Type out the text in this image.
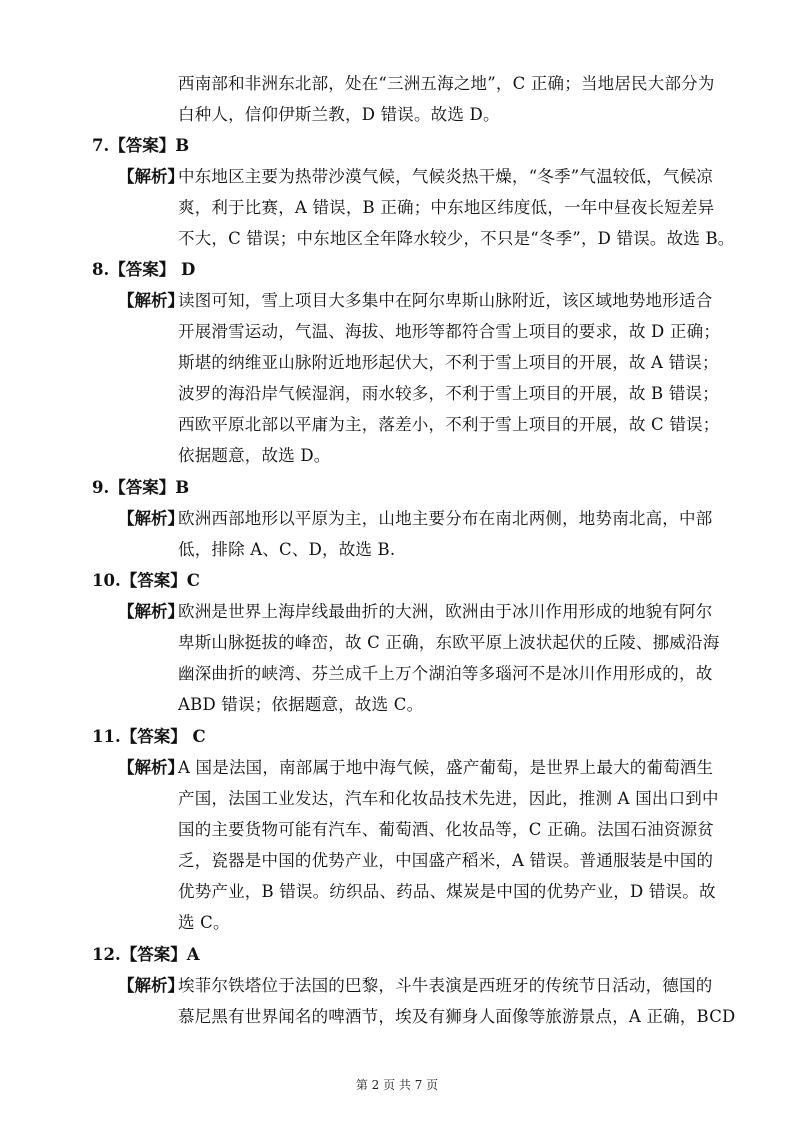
西南部和非洲东北部，处在“三洲五海之地”，C 正确；当地居民大部分为
白种人，信仰伊斯兰教，D 错误。故选 D。
7.【答案】B
【解析】
中东地区主要为热带沙漠气候，气候炎热干燥，“冬季”气温较低，气候凉
爽，利于比赛，A 错误，B 正确；中东地区纬度低，一年中昼夜长短差异
不大，C 错误；中东地区全年降水较少，不只是“冬季”，D 错误。故选 B。
8.【答案】 D
【解析】
读图可知，雪上项目大多集中在阿尔卑斯山脉附近，该区域地势地形适合
开展滑雪运动，气温、海拔、地形等都符合雪上项目的要求，故 D 正确；
斯堪的纳维亚山脉附近地形起伏大，不利于雪上项目的开展，故 A 错误；
波罗的海沿岸气候湿润，雨水较多，不利于雪上项目的开展，故 B 错误；
西欧平原北部以平庸为主，落差小，不利于雪上项目的开展，故 C 错误；
依据题意，故选 D。
9.【答案】B
【解析】
欧洲西部地形以平原为主，山地主要分布在南北两侧，地势南北高，中部
低，排除 A、C、D，故选 B.
10.【答案】C
【解析】
欧洲是世界上海岸线最曲折的大洲，欧洲由于冰川作用形成的地貌有阿尔
卑斯山脉挺拔的峰峦，故 C 正确，东欧平原上波状起伏的丘陵、挪威沿海
幽深曲折的峡湾、芬兰成千上万个湖泊等多瑙河不是冰川作用形成的，故
ABD 错误；依据题意，故选 C。
11.【答案】 C
【解析】
A 国是法国，南部属于地中海气候，盛产葡萄，是世界上最大的葡萄酒生
产国，法国工业发达，汽车和化妆品技术先进，因此，推测 A 国出口到中
国的主要货物可能有汽车、葡萄酒、化妆品等，C 正确。法国石油资源贫
乏，瓷器是中国的优势产业，中国盛产稻米，A 错误。普通服装是中国的
优势产业，B 错误。纺织品、药品、煤炭是中国的优势产业，D 错误。故
选 C。
12.【答案】A
【解析】
埃菲尔铁塔位于法国的巴黎，斗牛表演是西班牙的传统节日活动，德国的
慕尼黑有世界闻名的啤酒节，埃及有狮身人面像等旅游景点，A 正确，BCD
第 2 页 共 7 页
